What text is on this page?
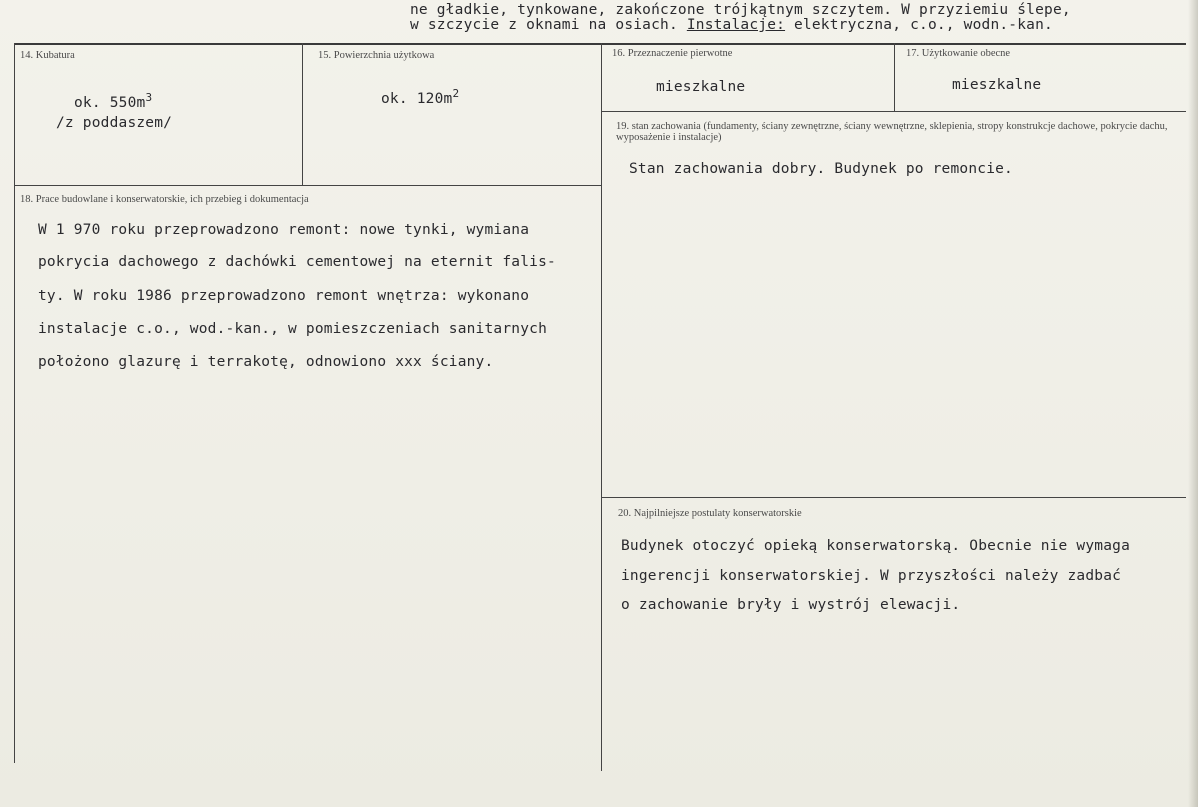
ne gładkie, tynkowane, zakończone trójkątnym szczytem. W przyziemiu ślepe,
w szczycie z oknami na osiach. Instalacje: elektryczna, c.o., wodn.-kan.
14. Kubatura
ok. $550m^3$
/z poddaszem/
15. Powierzchnia użytkowa
ok. $120m^2$
16. Przeznaczenie pierwotne
mieszkalne
17. Użytkowanie obecne
mieszkalne
19. stan zachowania (fundamenty, ściany zewnętrzne, ściany wewnętrzne, sklepienia, stropy konstrukcje dachowe, pokrycie dachu, wyposażenie i instalacje)
Stan zachowania dobry. Budynek po remoncie.
18. Prace budowlane i konserwatorskie, ich przebieg i dokumentacja
W 1 970 roku przeprowadzono remont: nowe tynki, wymiana
pokrycia dachowego z dachówki cementowej na eternit falis-
ty. W roku 1986 przeprowadzono remont wnętrza: wykonano
instalacje c.o., wod.-kan., w pomieszczeniach sanitarnych
położono glazurę i terrakotę, odnowiono xxx ściany.
20. Najpilniejsze postulaty konserwatorskie
Budynek otoczyć opieką konserwatorską. Obecnie nie wymaga
ingerencji konserwatorskiej. W przyszłości należy zadbać
o zachowanie bryły i wystrój elewacji.
